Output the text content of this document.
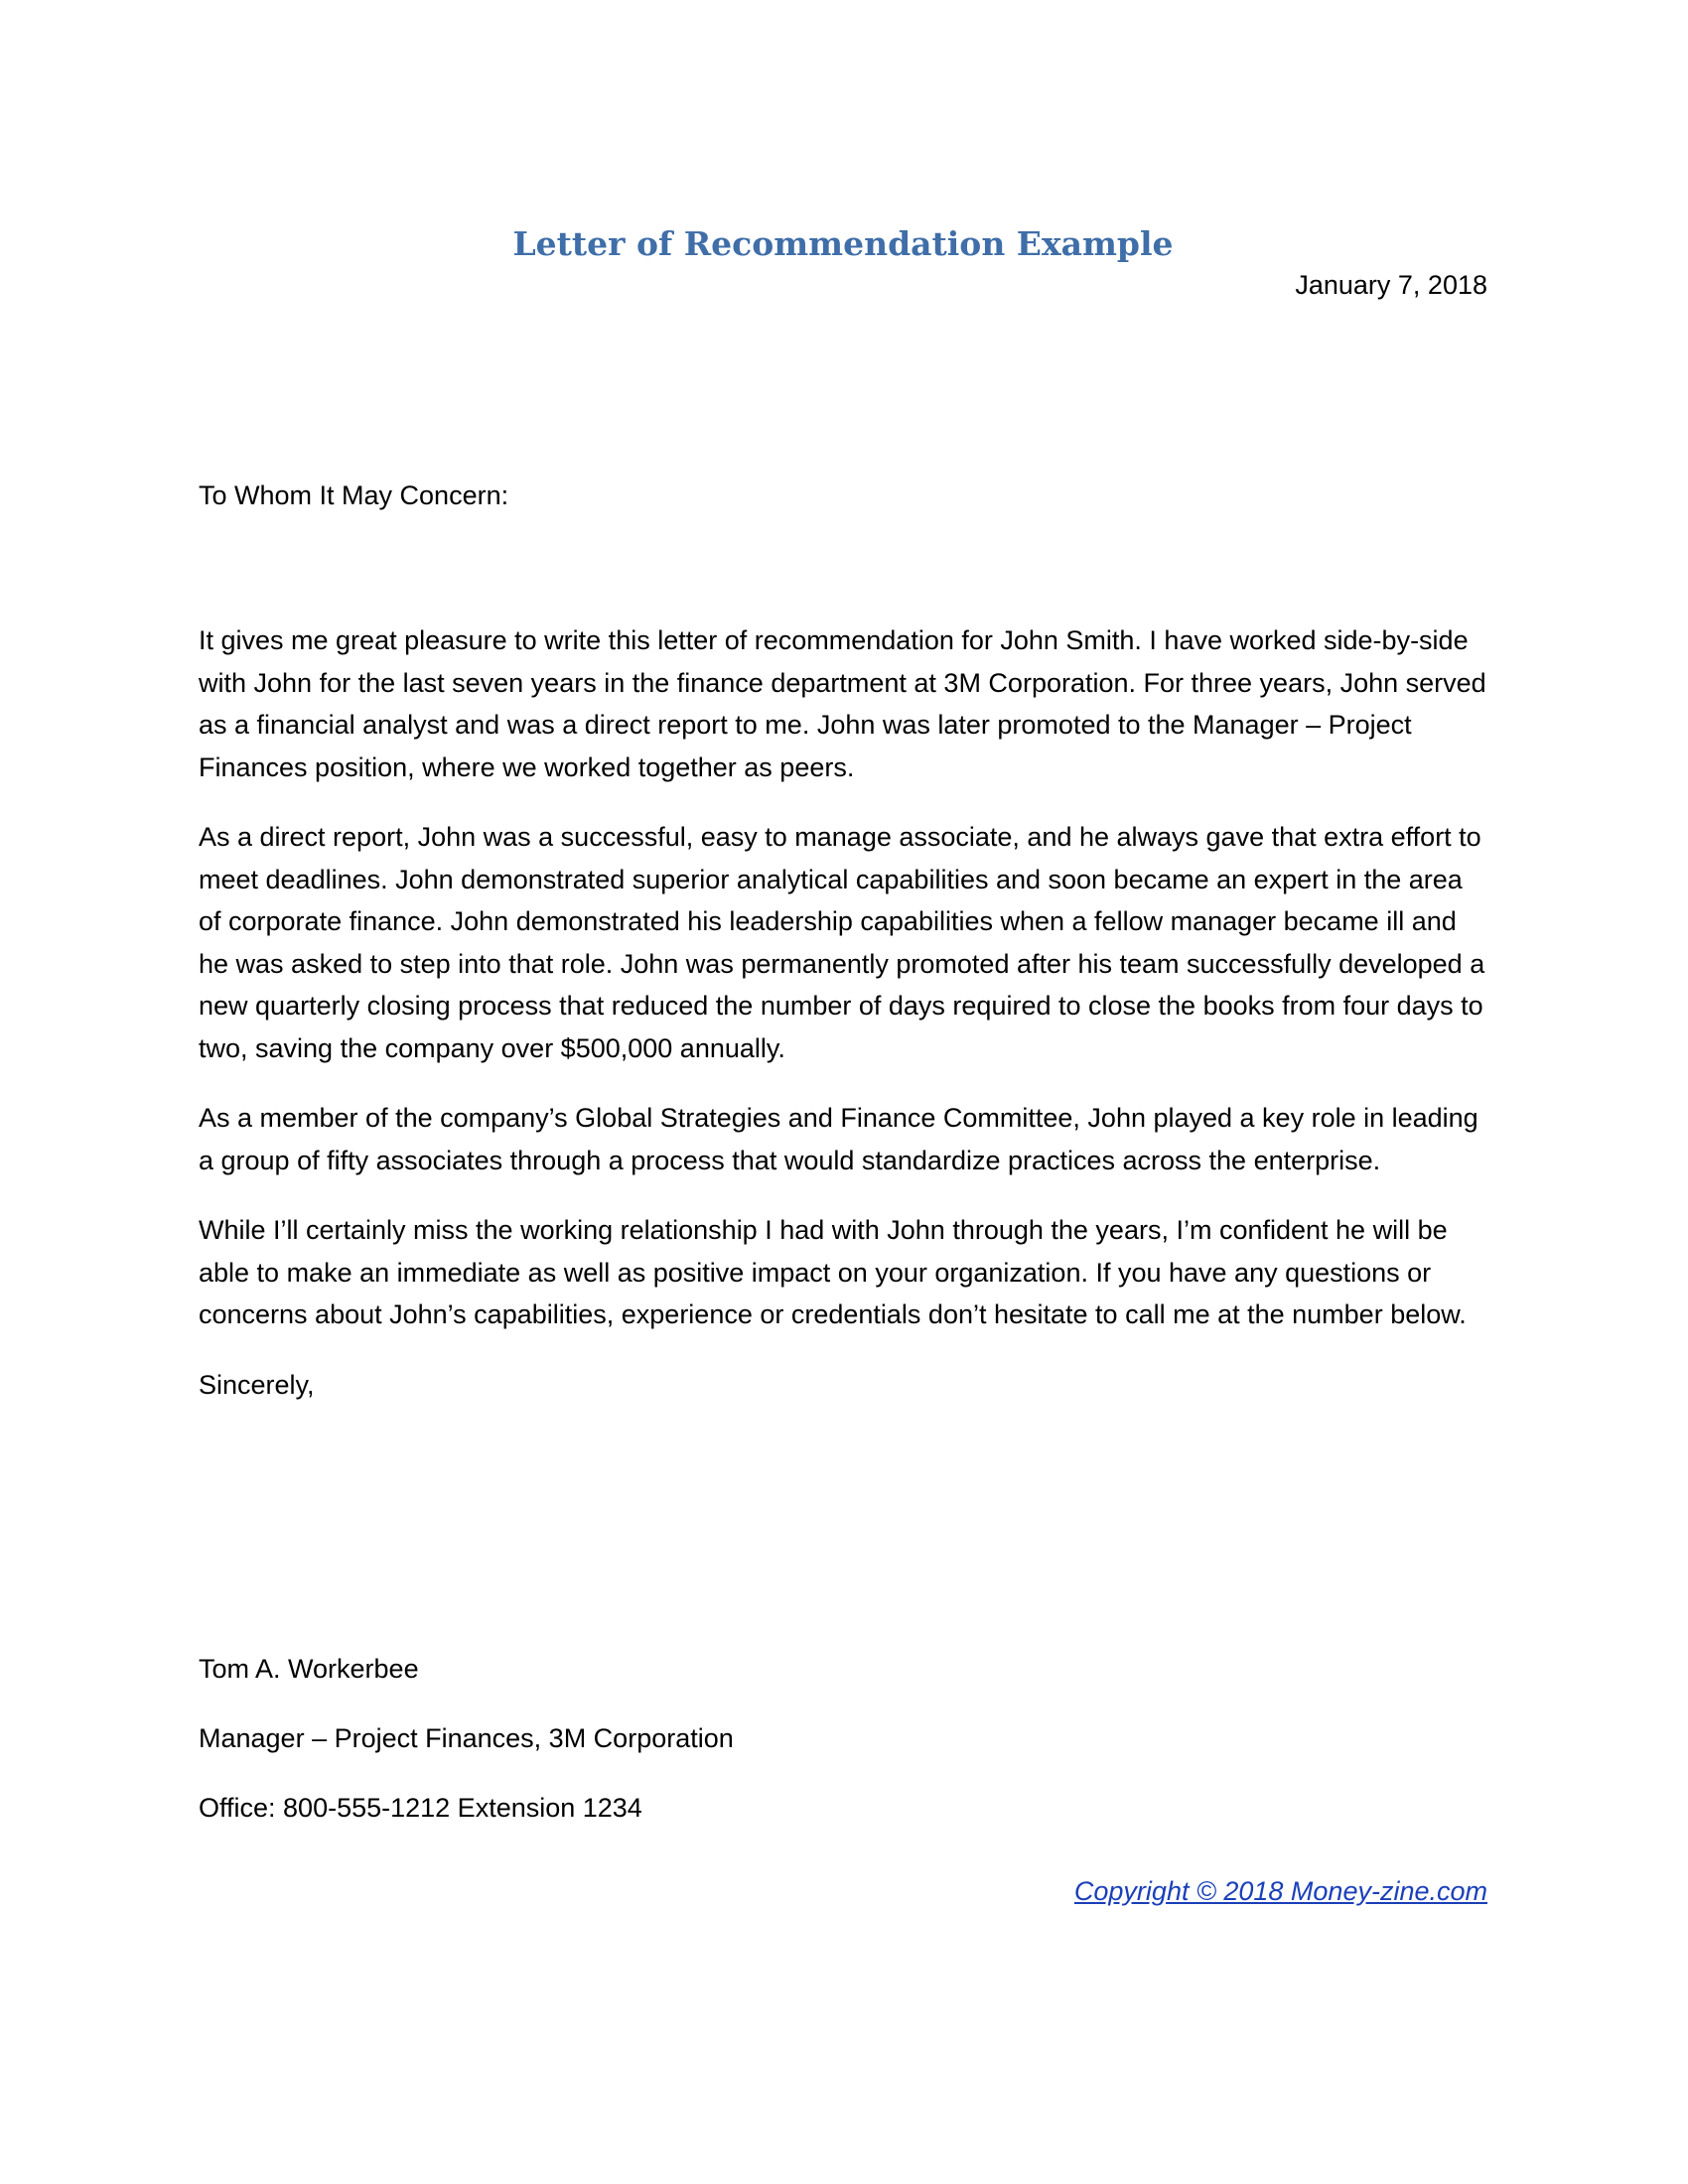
Letter of Recommendation Example

January 7, 2018

To Whom It May Concern:

It gives me great pleasure to write this letter of recommendation for John Smith. I have worked side-by-side with John for the last seven years in the finance department at 3M Corporation. For three years, John served as a financial analyst and was a direct report to me. John was later promoted to the Manager – Project Finances position, where we worked together as peers.

As a direct report, John was a successful, easy to manage associate, and he always gave that extra effort to meet deadlines. John demonstrated superior analytical capabilities and soon became an expert in the area of corporate finance. John demonstrated his leadership capabilities when a fellow manager became ill and he was asked to step into that role. John was permanently promoted after his team successfully developed a new quarterly closing process that reduced the number of days required to close the books from four days to two, saving the company over $500,000 annually.

As a member of the company’s Global Strategies and Finance Committee, John played a key role in leading a group of fifty associates through a process that would standardize practices across the enterprise.

While I’ll certainly miss the working relationship I had with John through the years, I’m confident he will be able to make an immediate as well as positive impact on your organization. If you have any questions or concerns about John’s capabilities, experience or credentials don’t hesitate to call me at the number below.

Sincerely,

Tom A. Workerbee

Manager – Project Finances, 3M Corporation

Office: 800-555-1212 Extension 1234

Copyright © 2018 Money-zine.com
